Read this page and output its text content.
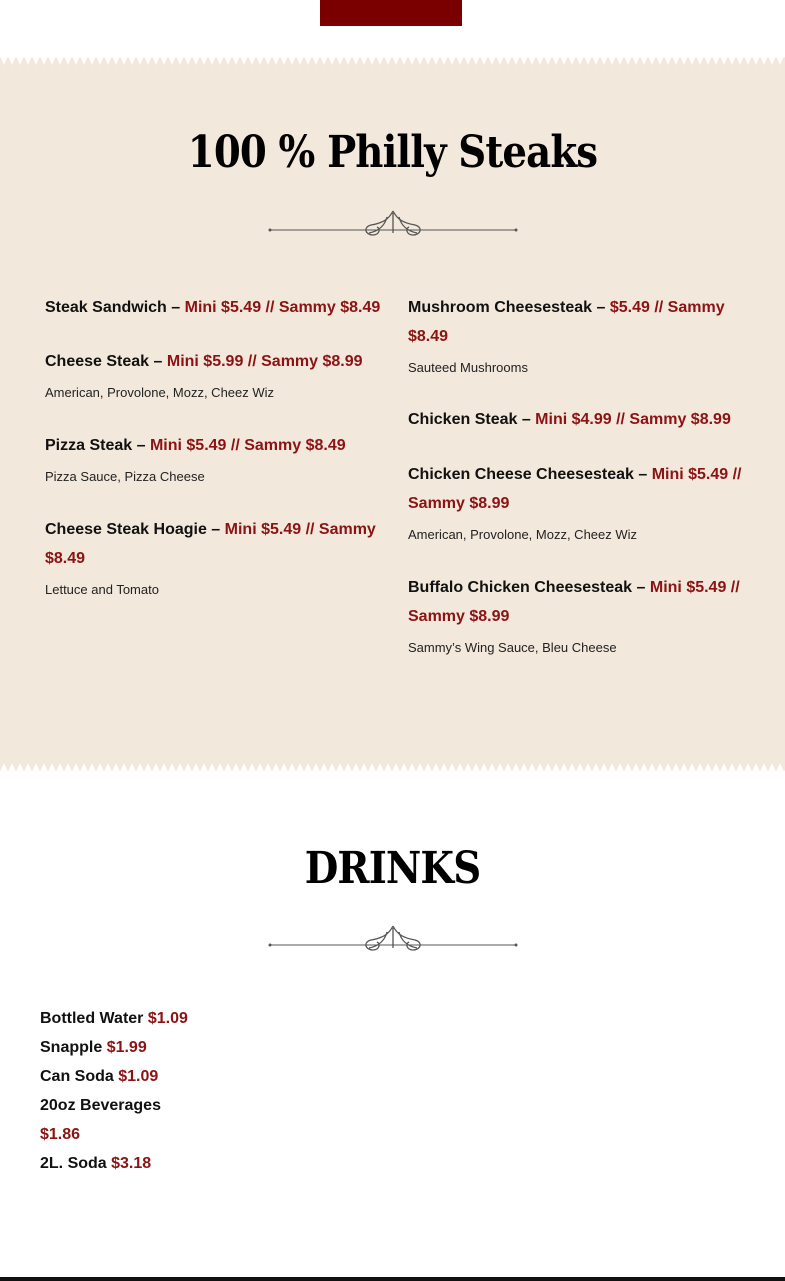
100 % Philly Steaks
Steak Sandwich – Mini $5.49 // Sammy $8.49
Cheese Steak – Mini $5.99 // Sammy $8.99
American, Provolone, Mozz, Cheez Wiz
Pizza Steak – Mini $5.49 // Sammy $8.49
Pizza Sauce, Pizza Cheese
Cheese Steak Hoagie – Mini $5.49 // Sammy $8.49
Lettuce and Tomato
Mushroom Cheesesteak – $5.49 // Sammy $8.49
Sauteed Mushrooms
Chicken Steak – Mini $4.99 // Sammy $8.99
Chicken Cheese Cheesesteak – Mini $5.49 // Sammy $8.99
American, Provolone, Mozz, Cheez Wiz
Buffalo Chicken Cheesesteak – Mini $5.49 // Sammy $8.99
Sammy’s Wing Sauce, Bleu Cheese
DRINKS
Bottled Water $1.09
Snapple $1.99
Can Soda $1.09
20oz Beverages $1.86
2L. Soda $3.18
